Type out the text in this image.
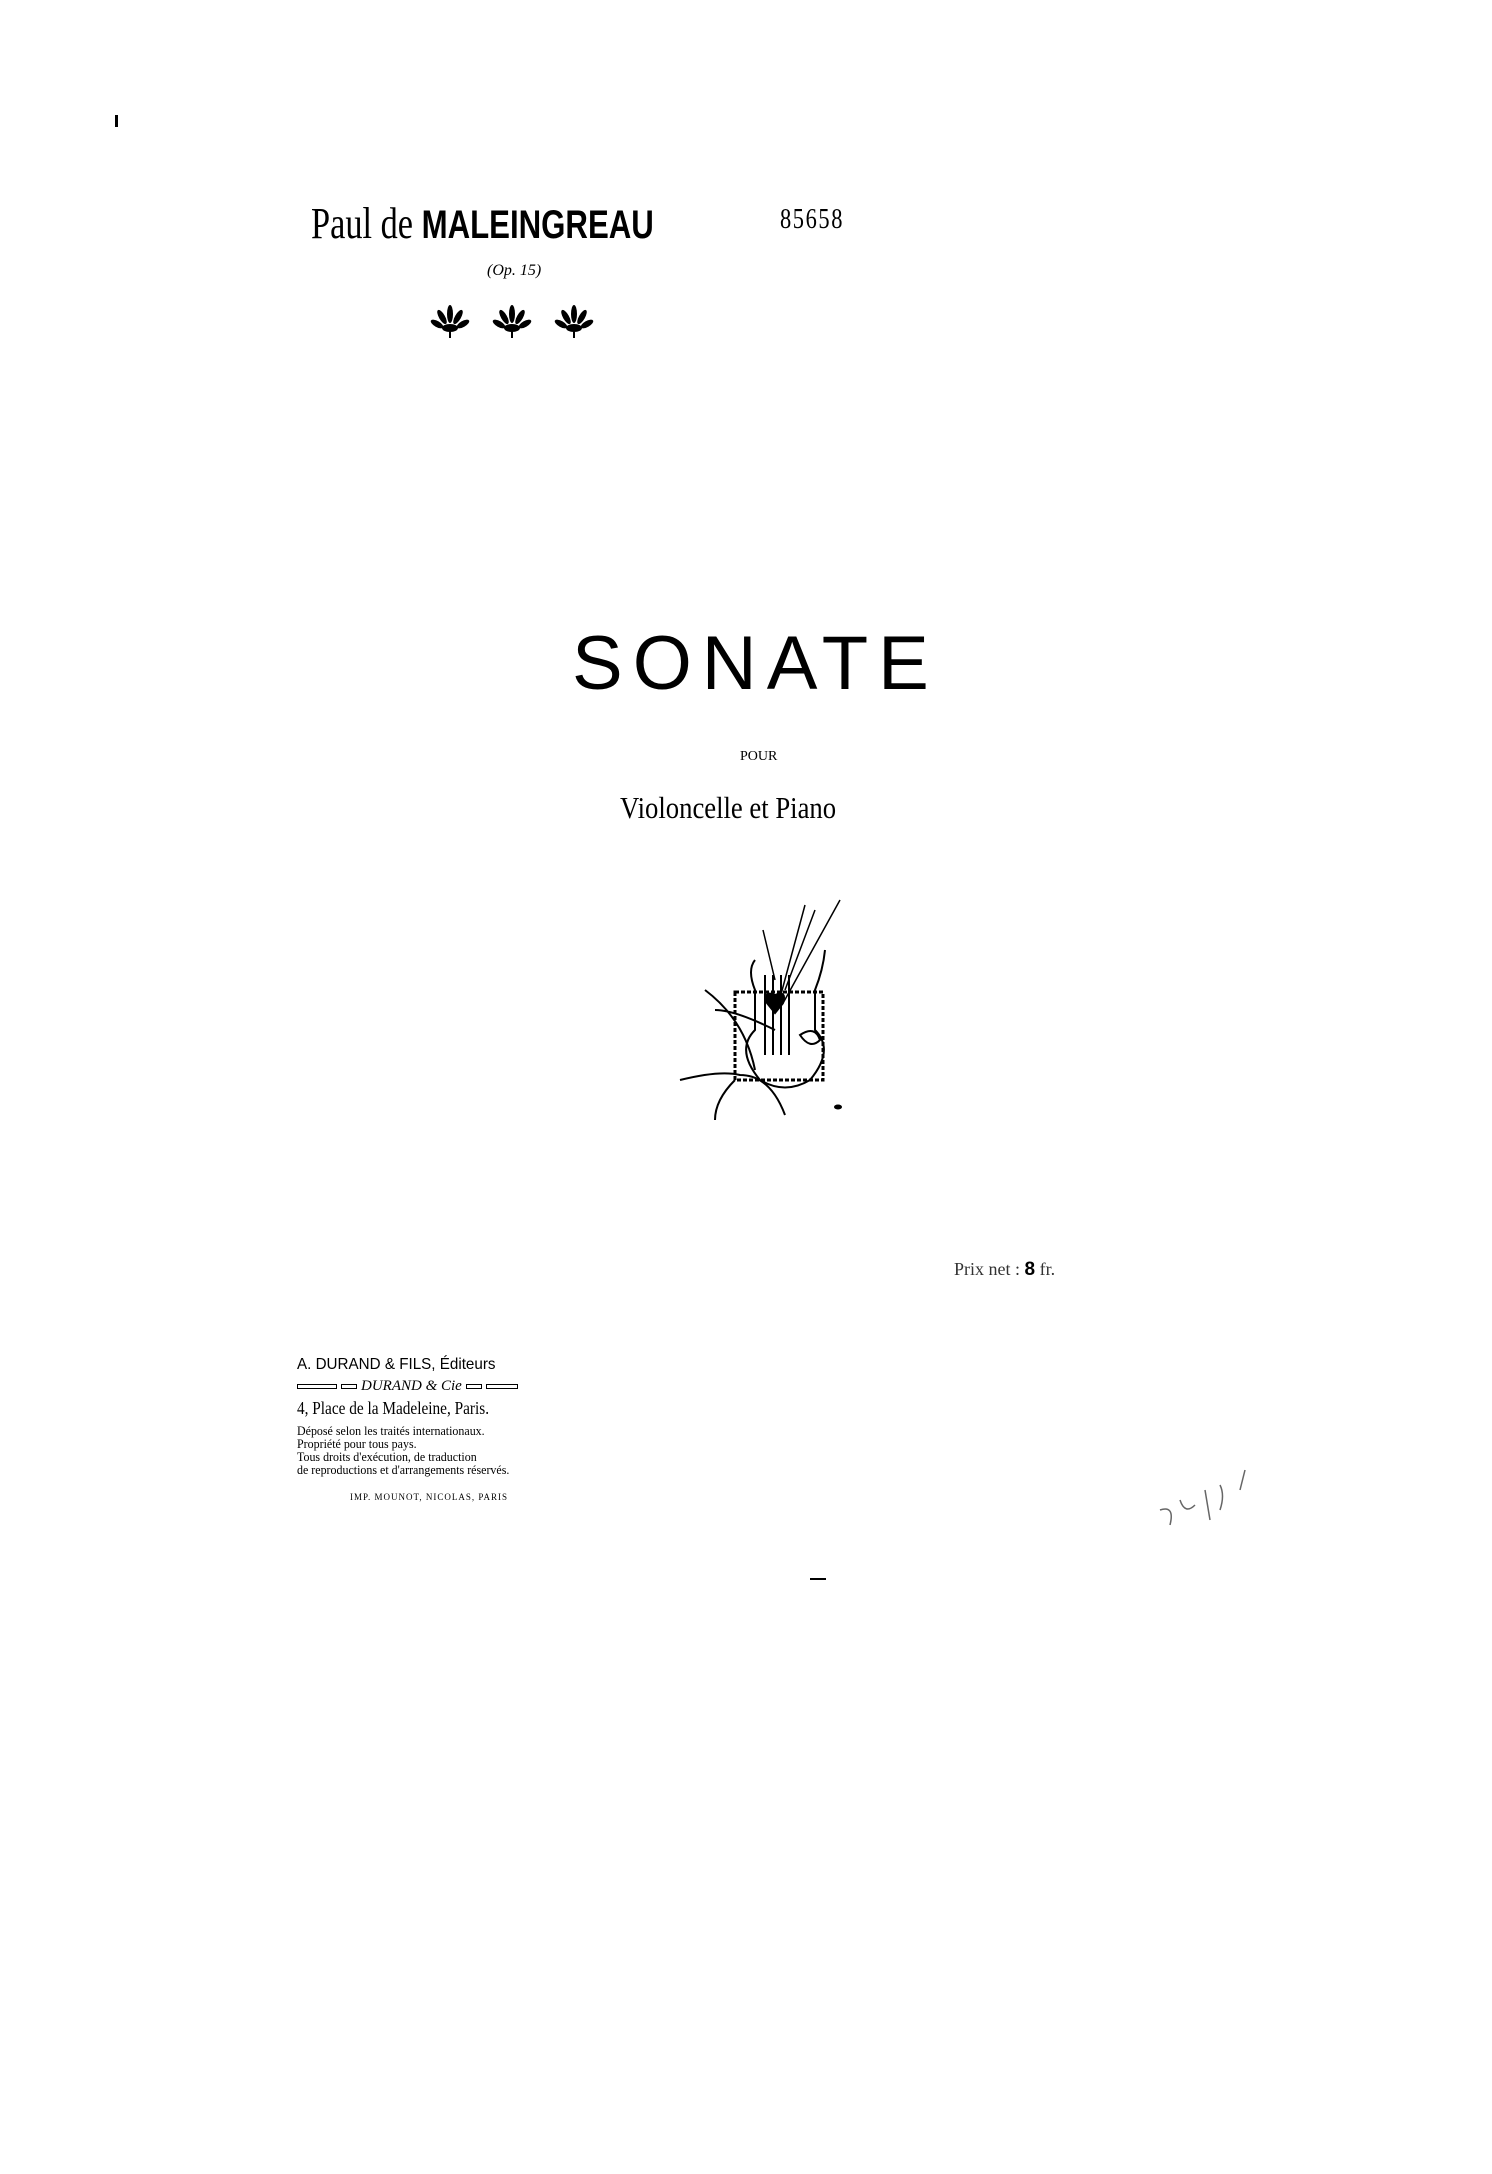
Paul de MALEINGREAU	85658
(Op. 15)
SONATE
POUR
Violoncelle et Piano
Prix net : 8 fr.
A. DURAND & FILS, Éditeurs
DURAND & Cie
4, Place de la Madeleine, Paris.
Déposé selon les traités internationaux.
Propriété pour tous pays.
Tous droits d'exécution, de traduction
de reproductions et d'arrangements réservés.
IMP. MOUNOT, NICOLAS, PARIS
